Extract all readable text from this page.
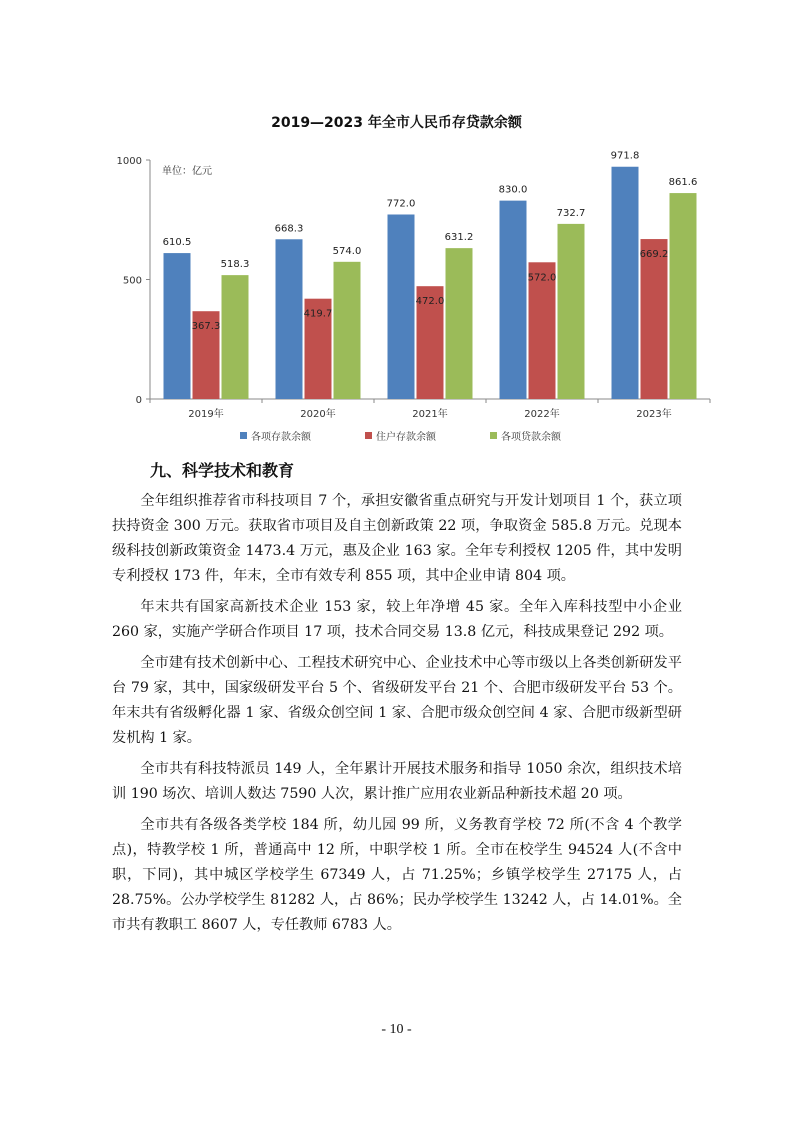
2019—2023 年全市人民币存贷款余额
0
500
1000
单位：亿元
2019年
610.5
367.3
518.3
2020年
668.3
419.7
574.0
2021年
772.0
472.0
631.2
2022年
830.0
572.0
732.7
2023年
971.8
669.2
861.6
各项存款余额	住户存款余额	各项贷款余额
九、科学技术和教育

全年组织推荐省市科技项目 7 个，承担安徽省重点研究与开发计划项目 1 个，获立项扶持资金 300 万元。获取省市项目及自主创新政策 22 项，争取资金 585.8 万元。兑现本级科技创新政策资金 1473.4 万元，惠及企业 163 家。全年专利授权 1205 件，其中发明专利授权 173 件，年末，全市有效专利 855 项，其中企业申请 804 项。

年末共有国家高新技术企业 153 家，较上年净增 45 家。全年入库科技型中小企业 260 家，实施产学研合作项目 17 项，技术合同交易 13.8 亿元，科技成果登记 292 项。

全市建有技术创新中心、工程技术研究中心、企业技术中心等市级以上各类创新研发平台 79 家，其中，国家级研发平台 5 个、省级研发平台 21 个、合肥市级研发平台 53 个。年末共有省级孵化器 1 家、省级众创空间 1 家、合肥市级众创空间 4 家、合肥市级新型研发机构 1 家。

全市共有科技特派员 149 人，全年累计开展技术服务和指导 1050 余次，组织技术培训 190 场次、培训人数达 7590 人次，累计推广应用农业新品种新技术超 20 项。

全市共有各级各类学校 184 所，幼儿园 99 所，义务教育学校 72 所(不含 4 个教学点)，特教学校 1 所，普通高中 12 所，中职学校 1 所。全市在校学生 94524 人(不含中职，下同)，其中城区学校学生 67349 人，占 71.25%；乡镇学校学生 27175 人，占 28.75%。公办学校学生 81282 人，占 86%；民办学校学生 13242 人，占 14.01%。全市共有教职工 8607 人，专任教师 6783 人。

- 10 -
